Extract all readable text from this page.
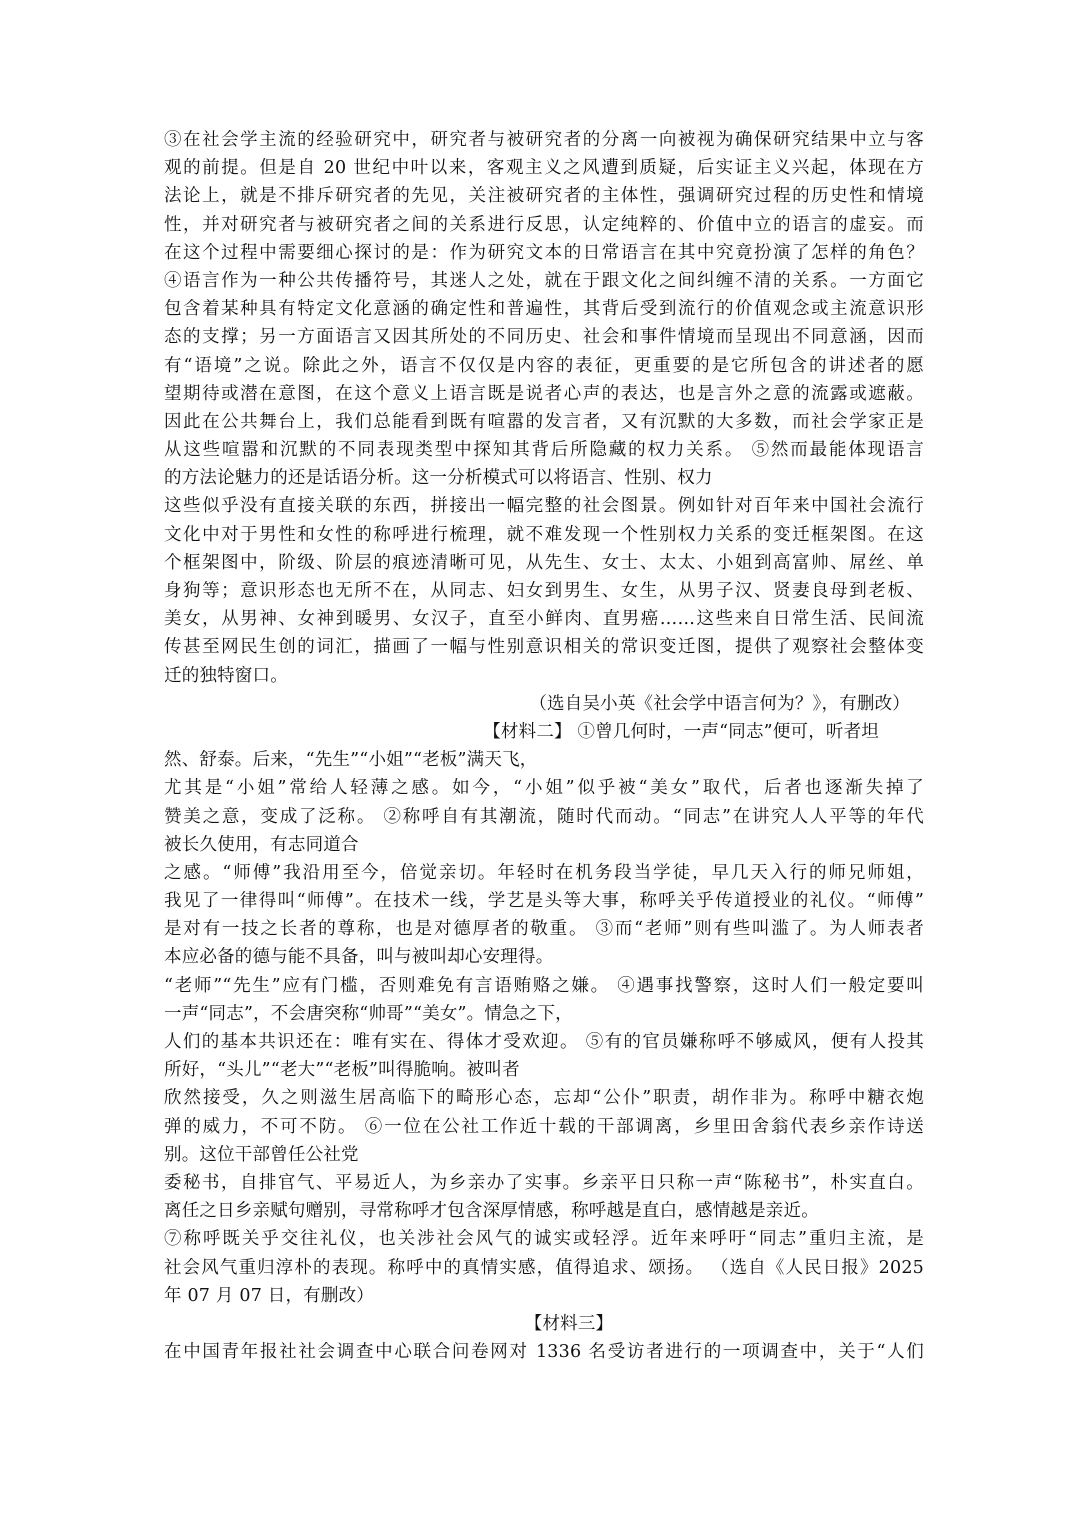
③在社会学主流的经验研究中，研究者与被研究者的分离一向被视为确保研究结果中立与客
观的前提。但是自 20 世纪中叶以来，客观主义之风遭到质疑，后实证主义兴起，体现在方
法论上，就是不排斥研究者的先见，关注被研究者的主体性，强调研究过程的历史性和情境
性，并对研究者与被研究者之间的关系进行反思，认定纯粹的、价值中立的语言的虚妄。而
在这个过程中需要细心探讨的是：作为研究文本的日常语言在其中究竟扮演了怎样的角色？
④语言作为一种公共传播符号，其迷人之处，就在于跟文化之间纠缠不清的关系。一方面它
包含着某种具有特定文化意涵的确定性和普遍性，其背后受到流行的价值观念或主流意识形
态的支撑；另一方面语言又因其所处的不同历史、社会和事件情境而呈现出不同意涵，因而
有“语境”之说。除此之外，语言不仅仅是内容的表征，更重要的是它所包含的讲述者的愿
望期待或潜在意图，在这个意义上语言既是说者心声的表达，也是言外之意的流露或遮蔽。
因此在公共舞台上，我们总能看到既有喧嚣的发言者，又有沉默的大多数，而社会学家正是
从这些喧嚣和沉默的不同表现类型中探知其背后所隐藏的权力关系。 ⑤然而最能体现语言
的方法论魅力的还是话语分析。这一分析模式可以将语言、性别、权力
这些似乎没有直接关联的东西，拼接出一幅完整的社会图景。例如针对百年来中国社会流行
文化中对于男性和女性的称呼进行梳理，就不难发现一个性别权力关系的变迁框架图。在这
个框架图中，阶级、阶层的痕迹清晰可见，从先生、女士、太太、小姐到高富帅、屌丝、单
身狗等；意识形态也无所不在，从同志、妇女到男生、女生，从男子汉、贤妻良母到老板、
美女，从男神、女神到暖男、女汉子，直至小鲜肉、直男癌……这些来自日常生活、民间流
传甚至网民生创的词汇，描画了一幅与性别意识相关的常识变迁图，提供了观察社会整体变
迁的独特窗口。
（选自吴小英《社会学中语言何为？》，有删改）
【材料二】 ①曾几何时，一声“同志”便可，听者坦
然、舒泰。后来，“先生”“小姐”“老板”满天飞，
尤其是“小姐”常给人轻薄之感。如今，“小姐”似乎被“美女”取代，后者也逐渐失掉了
赞美之意，变成了泛称。 ②称呼自有其潮流，随时代而动。“同志”在讲究人人平等的年代
被长久使用，有志同道合
之感。“师傅”我沿用至今，倍觉亲切。年轻时在机务段当学徒，早几天入行的师兄师姐，
我见了一律得叫“师傅”。在技术一线，学艺是头等大事，称呼关乎传道授业的礼仪。“师傅”
是对有一技之长者的尊称，也是对德厚者的敬重。 ③而“老师”则有些叫滥了。为人师表者
本应必备的德与能不具备，叫与被叫却心安理得。
“老师”“先生”应有门槛，否则难免有言语贿赂之嫌。 ④遇事找警察，这时人们一般定要叫
一声“同志”，不会唐突称“帅哥”“美女”。情急之下，
人们的基本共识还在：唯有实在、得体才受欢迎。 ⑤有的官员嫌称呼不够威风，便有人投其
所好，“头儿”“老大”“老板”叫得脆响。被叫者
欣然接受，久之则滋生居高临下的畸形心态，忘却“公仆”职责，胡作非为。称呼中糖衣炮
弹的威力，不可不防。 ⑥一位在公社工作近十载的干部调离，乡里田舍翁代表乡亲作诗送
别。这位干部曾任公社党
委秘书，自排官气、平易近人，为乡亲办了实事。乡亲平日只称一声“陈秘书”，朴实直白。
离任之日乡亲赋句赠别，寻常称呼才包含深厚情感，称呼越是直白，感情越是亲近。
⑦称呼既关乎交往礼仪，也关涉社会风气的诚实或轻浮。近年来呼吁“同志”重归主流，是
社会风气重归淳朴的表现。称呼中的真情实感，值得追求、颂扬。 （选自《人民日报》2025
年 07 月 07 日，有删改）
【材料三】
在中国青年报社社会调查中心联合问卷网对 1336 名受访者进行的一项调查中，关于“人们
